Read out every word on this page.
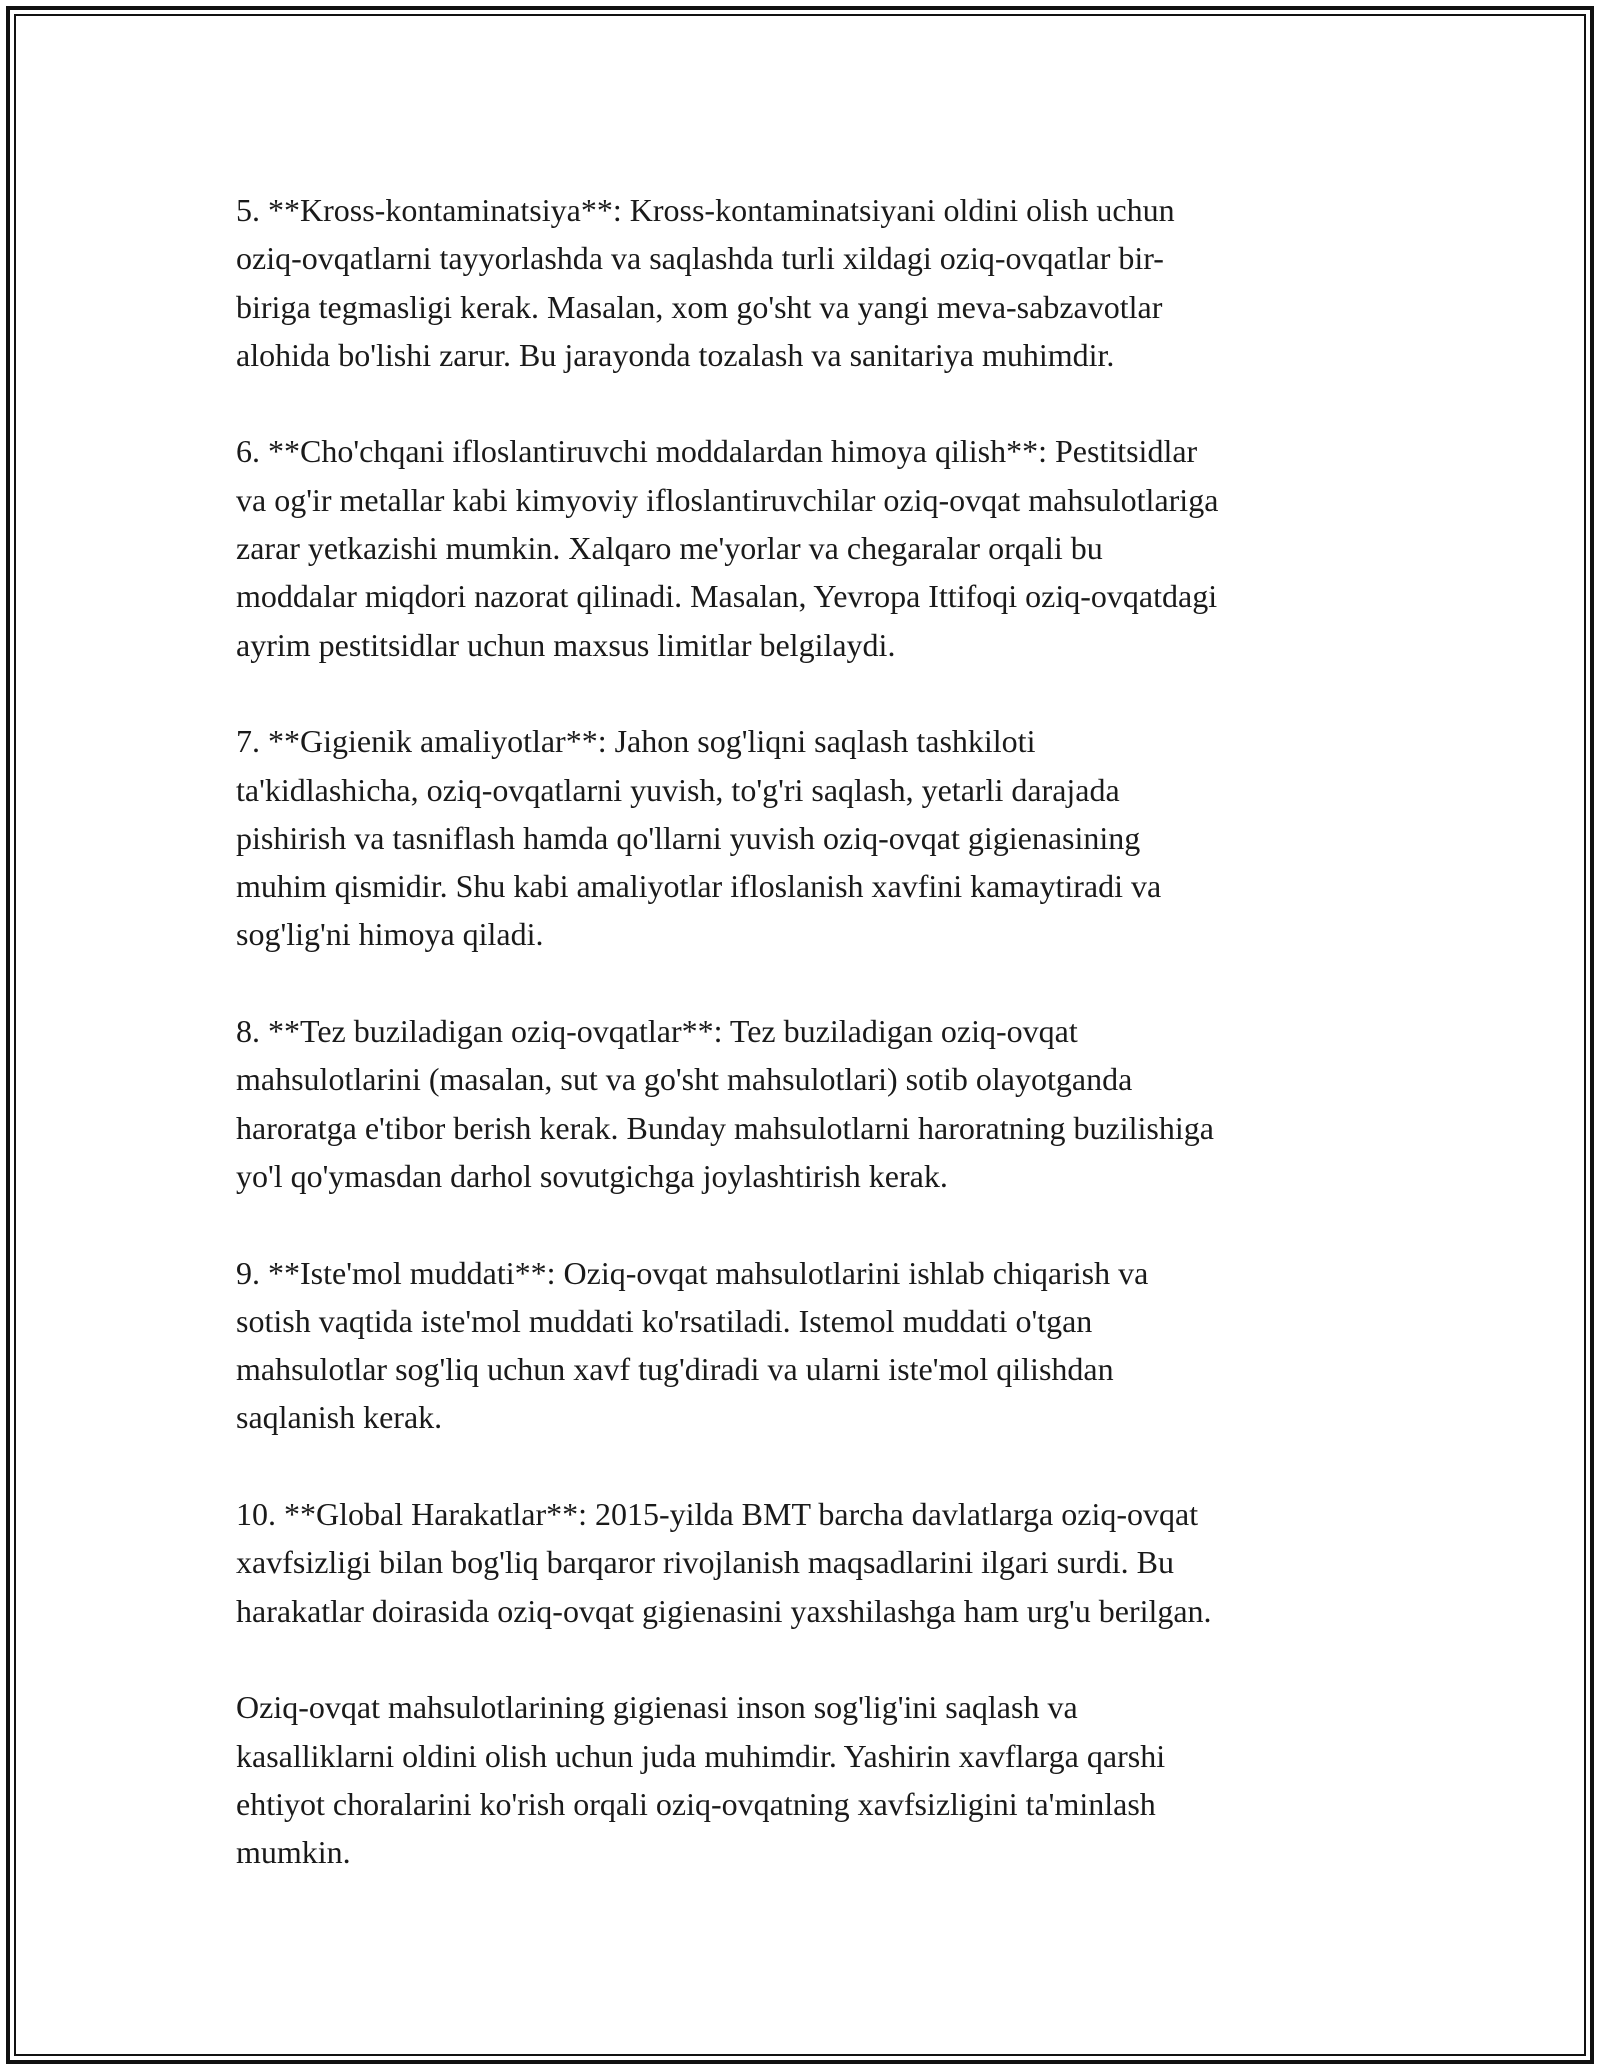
5. **Kross-kontaminatsiya**: Kross-kontaminatsiyani oldini olish uchun
oziq-ovqatlarni tayyorlashda va saqlashda turli xildagi oziq-ovqatlar bir-
biriga tegmasligi kerak. Masalan, xom go'sht va yangi meva-sabzavotlar
alohida bo'lishi zarur. Bu jarayonda tozalash va sanitariya muhimdir.

6. **Cho'chqani ifloslantiruvchi moddalardan himoya qilish**: Pestitsidlar
va og'ir metallar kabi kimyoviy ifloslantiruvchilar oziq-ovqat mahsulotlariga
zarar yetkazishi mumkin. Xalqaro me'yorlar va chegaralar orqali bu
moddalar miqdori nazorat qilinadi. Masalan, Yevropa Ittifoqi oziq-ovqatdagi
ayrim pestitsidlar uchun maxsus limitlar belgilaydi.

7. **Gigienik amaliyotlar**: Jahon sog'liqni saqlash tashkiloti
ta'kidlashicha, oziq-ovqatlarni yuvish, to'g'ri saqlash, yetarli darajada
pishirish va tasniflash hamda qo'llarni yuvish oziq-ovqat gigienasining
muhim qismidir. Shu kabi amaliyotlar ifloslanish xavfini kamaytiradi va
sog'lig'ni himoya qiladi.

8. **Tez buziladigan oziq-ovqatlar**: Tez buziladigan oziq-ovqat
mahsulotlarini (masalan, sut va go'sht mahsulotlari) sotib olayotganda
haroratga e'tibor berish kerak. Bunday mahsulotlarni haroratning buzilishiga
yo'l qo'ymasdan darhol sovutgichga joylashtirish kerak.

9. **Iste'mol muddati**: Oziq-ovqat mahsulotlarini ishlab chiqarish va
sotish vaqtida iste'mol muddati ko'rsatiladi. Istemol muddati o'tgan
mahsulotlar sog'liq uchun xavf tug'diradi va ularni iste'mol qilishdan
saqlanish kerak.

10. **Global Harakatlar**: 2015-yilda BMT barcha davlatlarga oziq-ovqat
xavfsizligi bilan bog'liq barqaror rivojlanish maqsadlarini ilgari surdi. Bu
harakatlar doirasida oziq-ovqat gigienasini yaxshilashga ham urg'u berilgan.

Oziq-ovqat mahsulotlarining gigienasi inson sog'lig'ini saqlash va
kasalliklarni oldini olish uchun juda muhimdir. Yashirin xavflarga qarshi
ehtiyot choralarini ko'rish orqali oziq-ovqatning xavfsizligini ta'minlash
mumkin.
